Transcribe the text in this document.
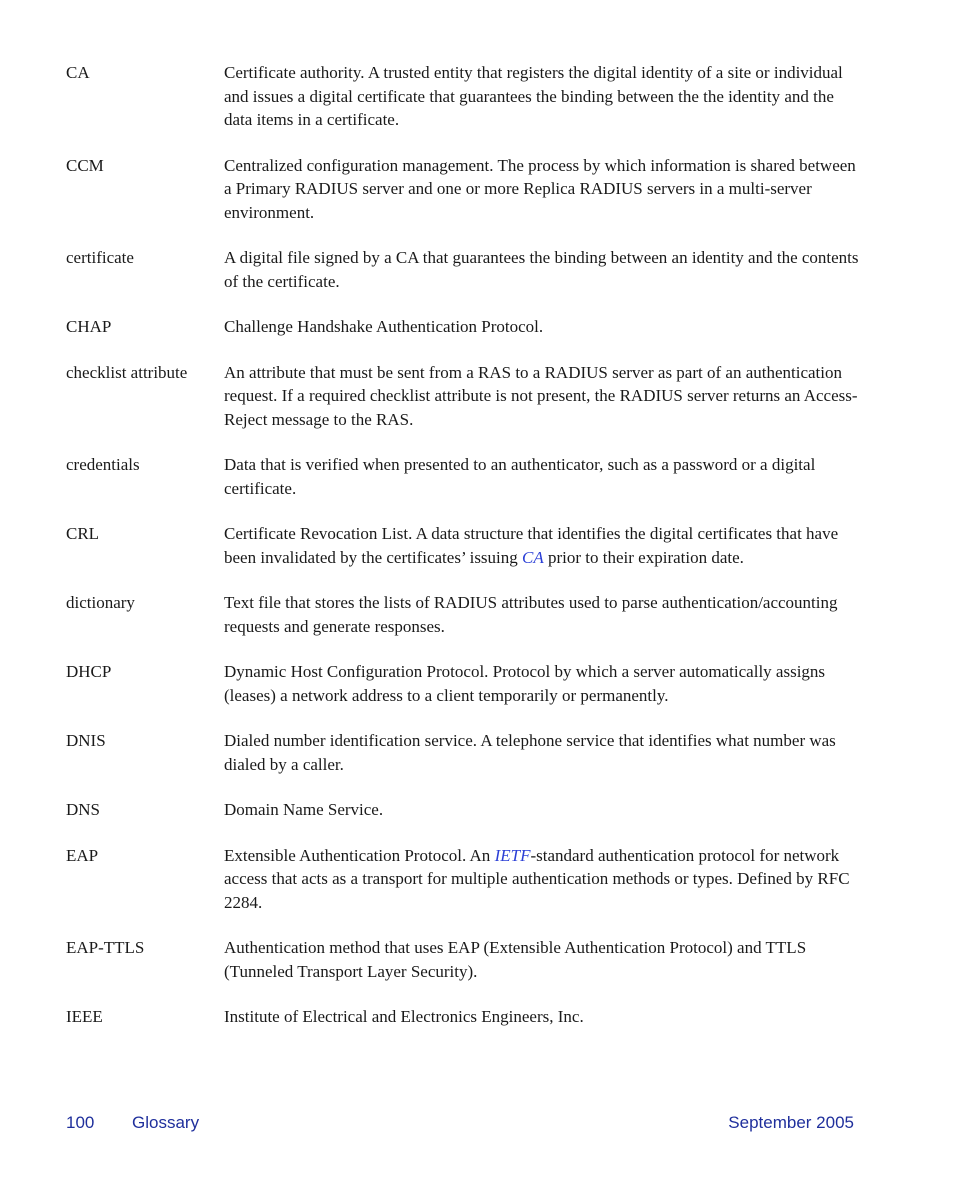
CA	Certificate authority. A trusted entity that registers the digital identity of a site or individual and issues a digital certificate that guarantees the binding between the the identity and the data items in a certificate.
CCM	Centralized configuration management. The process by which information is shared between a Primary RADIUS server and one or more Replica RADIUS servers in a multi-server environment.
certificate	A digital file signed by a CA that guarantees the binding between an identity and the contents of the certificate.
CHAP	Challenge Handshake Authentication Protocol.
checklist attribute	An attribute that must be sent from a RAS to a RADIUS server as part of an authentication request. If a required checklist attribute is not present, the RADIUS server returns an Access-Reject message to the RAS.
credentials	Data that is verified when presented to an authenticator, such as a password or a digital certificate.
CRL	Certificate Revocation List. A data structure that identifies the digital certificates that have been invalidated by the certificates’ issuing CA prior to their expiration date.
dictionary	Text file that stores the lists of RADIUS attributes used to parse authentication/accounting requests and generate responses.
DHCP	Dynamic Host Configuration Protocol. Protocol by which a server automatically assigns (leases) a network address to a client temporarily or permanently.
DNIS	Dialed number identification service. A telephone service that identifies what number was dialed by a caller.
DNS	Domain Name Service.
EAP	Extensible Authentication Protocol. An IETF-standard authentication protocol for network access that acts as a transport for multiple authentication methods or types. Defined by RFC 2284.
EAP-TTLS	Authentication method that uses EAP (Extensible Authentication Protocol) and TTLS (Tunneled Transport Layer Security).
IEEE	Institute of Electrical and Electronics Engineers, Inc.
100	Glossary	September 2005
